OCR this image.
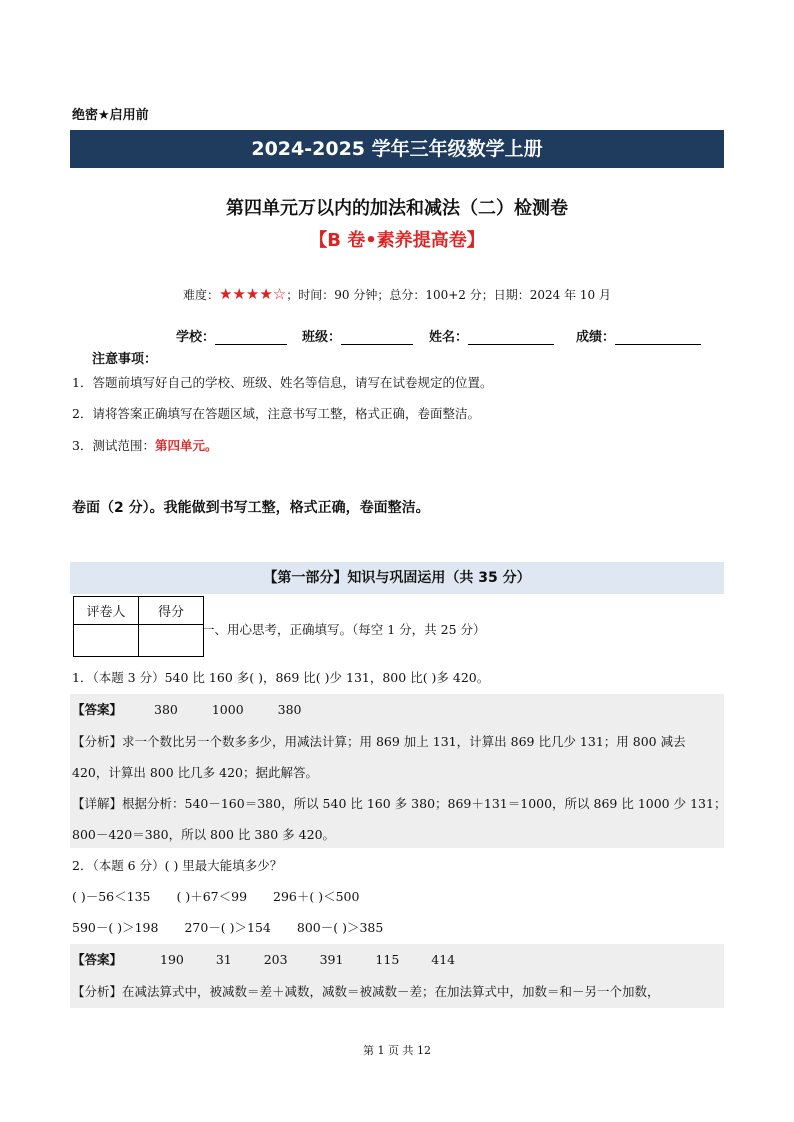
绝密★启用前
2024-2025 学年三年级数学上册
第四单元万以内的加法和减法（二）检测卷
【B 卷•素养提高卷】
难度：★★★★☆；时间：90 分钟；总分：100+2 分；日期：2024 年 10 月
学校：	班级：	姓名：	成绩：
注意事项：
1．答题前填写好自己的学校、班级、姓名等信息，请写在试卷规定的位置。
2．请将答案正确填写在答题区域，注意书写工整，格式正确，卷面整洁。
3．测试范围：第四单元。
卷面（2 分）。我能做到书写工整，格式正确，卷面整洁。
【第一部分】知识与巩固运用（共 35 分）
评卷人	得分

一、用心思考，正确填写。（每空 1 分，共 25 分）
1．（本题 3 分）540 比 160 多( )，869 比( )少 131，800 比( )多 420。
【答案】	380	1000	380
【分析】求一个数比另一个数多多少，用减法计算；用 869 加上 131，计算出 869 比几少 131；用 800 减去
420，计算出 800 比几多 420；据此解答。
【详解】根据分析：540－160＝380，所以 540 比 160 多 380；869＋131＝1000，所以 869 比 1000 少 131；
800－420＝380，所以 800 比 380 多 420。
2．（本题 6 分）( ) 里最大能填多少？
( )－56＜135 ( )＋67＜99 296＋( )＜500
590－( )＞198 270－( )＞154 800－( )＞385
【答案】	190	31	203	391	115	414
【分析】在减法算式中，被减数＝差＋减数，减数＝被减数－差；在加法算式中，加数＝和－另一个加数，
第 1 页 共 12
